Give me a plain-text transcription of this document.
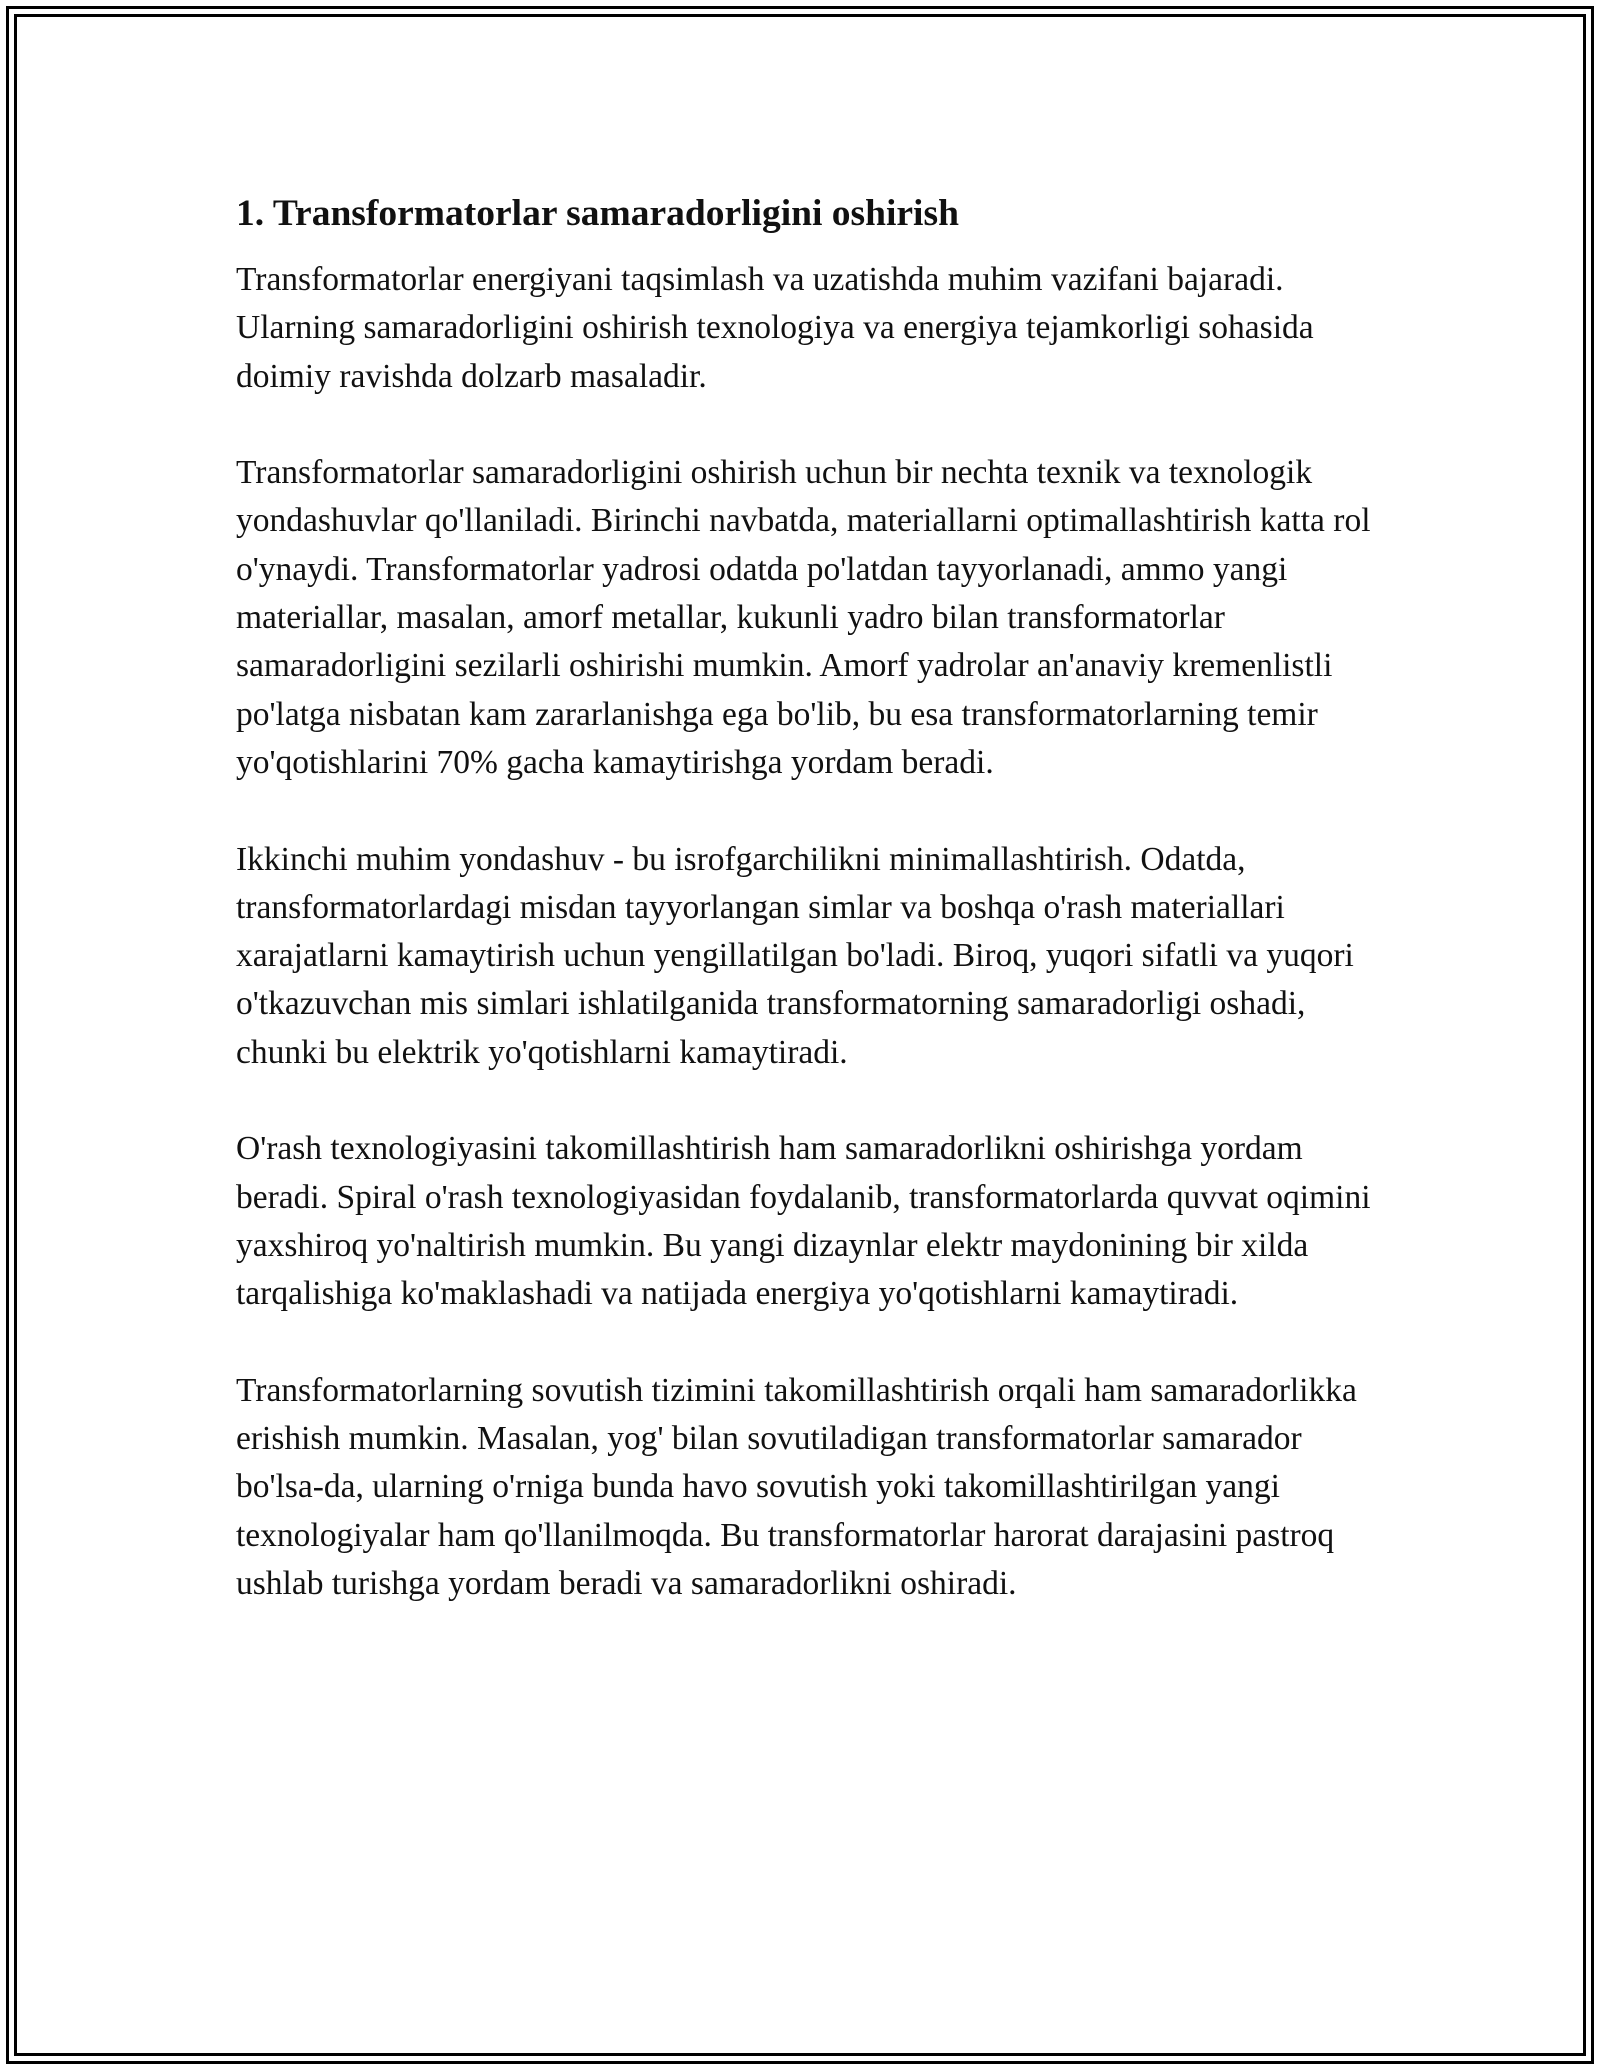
1. Transformatorlar samaradorligini oshirish

Transformatorlar energiyani taqsimlash va uzatishda muhim vazifani bajaradi. Ularning samaradorligini oshirish texnologiya va energiya tejamkorligi sohasida doimiy ravishda dolzarb masaladir.

Transformatorlar samaradorligini oshirish uchun bir nechta texnik va texnologik yondashuvlar qo'llaniladi. Birinchi navbatda, materiallarni optimallashtirish katta rol o'ynaydi. Transformatorlar yadrosi odatda po'latdan tayyorlanadi, ammo yangi materiallar, masalan, amorf metallar, kukunli yadro bilan transformatorlar samaradorligini sezilarli oshirishi mumkin. Amorf yadrolar an'anaviy kremenlistli po'latga nisbatan kam zararlanishga ega bo'lib, bu esa transformatorlarning temir yo'qotishlarini 70% gacha kamaytirishga yordam beradi.

Ikkinchi muhim yondashuv - bu isrofgarchilikni minimallashtirish. Odatda, transformatorlardagi misdan tayyorlangan simlar va boshqa o'rash materiallari xarajatlarni kamaytirish uchun yengillatilgan bo'ladi. Biroq, yuqori sifatli va yuqori o'tkazuvchan mis simlari ishlatilganida transformatorning samaradorligi oshadi, chunki bu elektrik yo'qotishlarni kamaytiradi.

O'rash texnologiyasini takomillashtirish ham samaradorlikni oshirishga yordam beradi. Spiral o'rash texnologiyasidan foydalanib, transformatorlarda quvvat oqimini yaxshiroq yo'naltirish mumkin. Bu yangi dizaynlar elektr maydonining bir xilda tarqalishiga ko'maklashadi va natijada energiya yo'qotishlarni kamaytiradi.

Transformatorlarning sovutish tizimini takomillashtirish orqali ham samaradorlikka erishish mumkin. Masalan, yog' bilan sovutiladigan transformatorlar samarador bo'lsa-da, ularning o'rniga bunda havo sovutish yoki takomillashtirilgan yangi texnologiyalar ham qo'llanilmoqda. Bu transformatorlar harorat darajasini pastroq ushlab turishga yordam beradi va samaradorlikni oshiradi.
